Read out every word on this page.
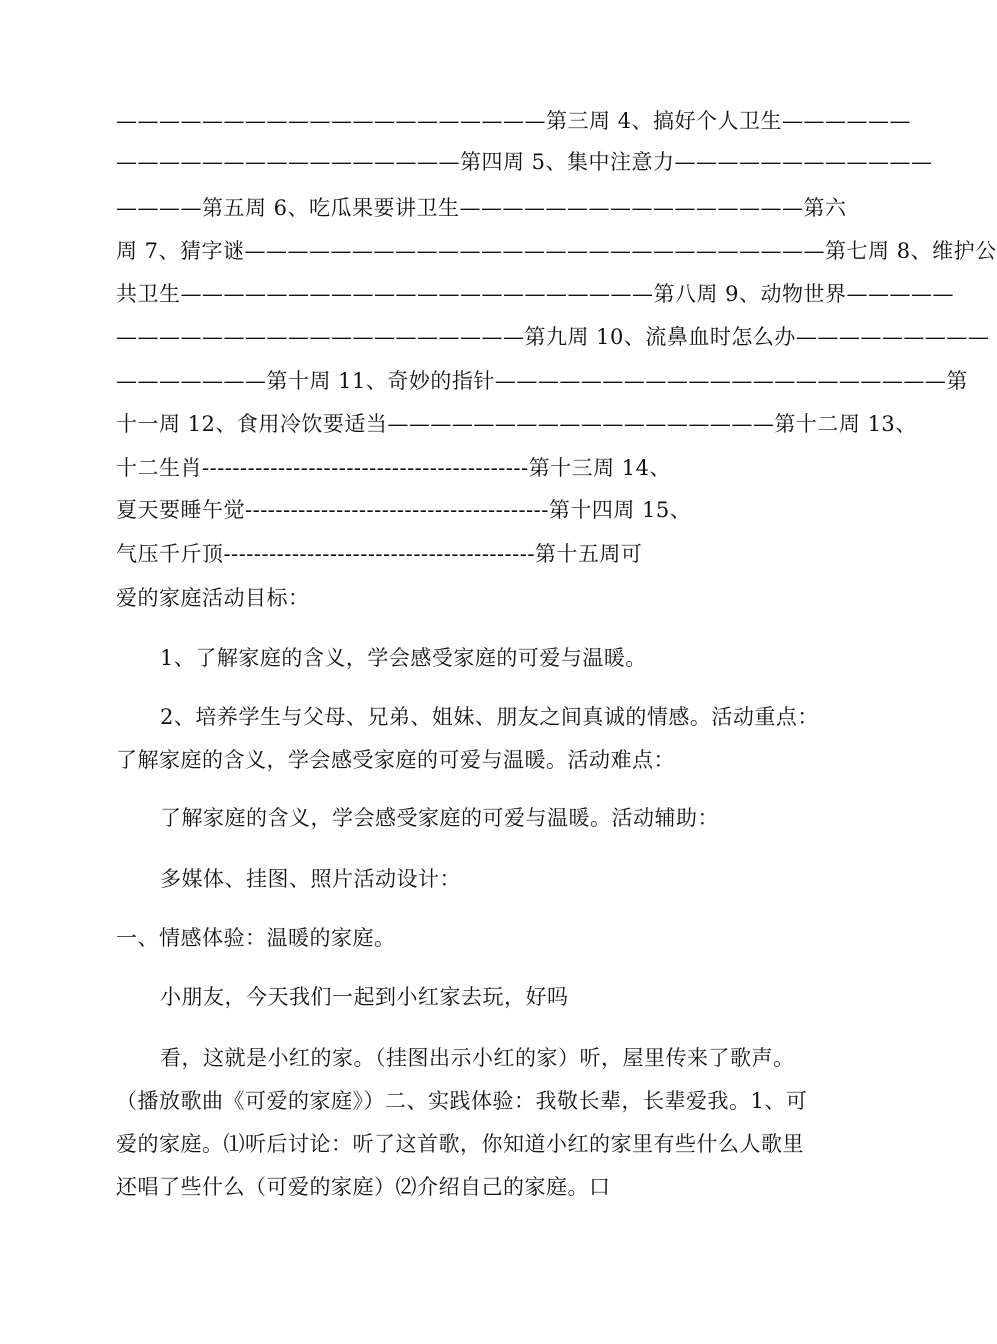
————————————————————第三周 4、搞好个人卫生——————
————————————————第四周 5、集中注意力————————————
————第五周 6、吃瓜果要讲卫生————————————————第六
周 7、猜字谜———————————————————————————第七周 8、维护公
共卫生——————————————————————第八周 9、动物世界—————
———————————————————第九周 10、流鼻血时怎么办—————————
———————第十周 11、奇妙的指针—————————————————————第
十一周 12、食用冷饮要适当——————————————————第十二周 13、
十二生肖-------------------------------------------第十三周 14、
夏天要睡午觉----------------------------------------第十四周 15、
气压千斤顶-----------------------------------------第十五周可
爱的家庭活动目标：
1、了解家庭的含义，学会感受家庭的可爱与温暖。
2、培养学生与父母、兄弟、姐妹、朋友之间真诚的情感。活动重点：
了解家庭的含义，学会感受家庭的可爱与温暖。活动难点：
了解家庭的含义，学会感受家庭的可爱与温暖。活动辅助：
多媒体、挂图、照片活动设计：
一、情感体验：温暖的家庭。
小朋友，今天我们一起到小红家去玩，好吗
看，这就是小红的家。（挂图出示小红的家）听，屋里传来了歌声。
（播放歌曲《可爱的家庭》）二、实践体验：我敬长辈，长辈爱我。1、可
爱的家庭。⑴听后讨论：听了这首歌，你知道小红的家里有些什么人歌里
还唱了些什么（可爱的家庭）⑵介绍自己的家庭。口
